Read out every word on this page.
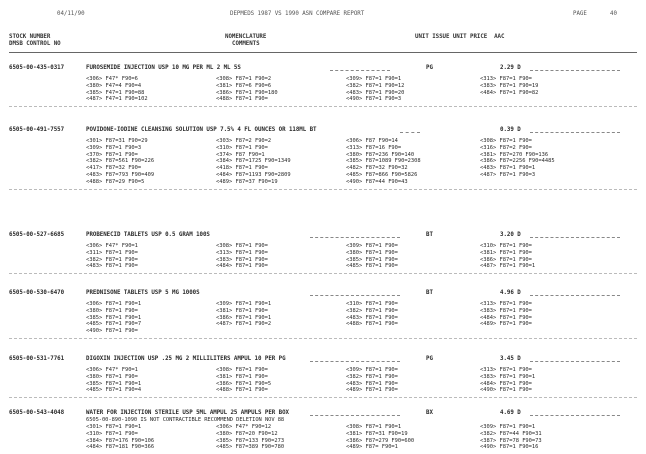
04/11/90	DEPMEDS 1987 VS 1990 ASN COMPARE REPORT	PAGE	40
STOCK NUMBER
DMSB CONTROL NO
NOMENCLATURE
COMMENTS
UNIT ISSUE UNIT PRICE  AAC
6505-00-435-0317	FUROSEMIDE INJECTION USP 10 MG PER ML 2 ML 5S	PG	2.29 D
<306> F47* F90=6	<308> F87=1 F90=2	<309> F87=1 F90=1	<313> F87=1 F90=
<380> F47=4 F90=4	<381> F87=6 F90=6	<382> F87=1 F90=12	<383> F87=1 F90=19
<385> F47=1 F90=88	<386> F87=1 F90=180	<483> F87=1 F90=20	<484> F87=1 F90=82
<487> F47=1 F90=102	<488> F87=1 F90=	<490> F87=1 F90=3
6505-00-491-7557	POVIDONE-IODINE CLEANSING SOLUTION USP 7.5% 4 FL OUNCES OR 118ML BT	0.39 D
<301> F87=31 F90=29	<303> F87=2 F90=2	<306> F87 F90=14	<308> F87=1 F90=
<309> F87=1 F90=3	<310> F87=1 F90=	<313> F87=16 F90=	<316> F87=2 F90=
<370> F87=1 F90=	<374> F87 F90=1	<380> F87=236 F90=140	<381> F87=270 F90=136
<382> F87=561 F90=226	<384> F87=1725 F90=1349	<385> F87=1089 F90=2308	<386> F87=2256 F90=4485
<417> F87=32 F90=	<418> F87=1 F90=	<482> F87=32 F90=32	<483> F87=1 F90=1
<483> F87=793 F90=409	<484> F87=1193 F90=2809	<485> F87=866 F90=5826	<487> F87=1 F90=3
<488> F87=29 F90=5	<489> F87=37 F90=19	<490> F87=44 F90=43
6505-00-527-6685	PROBENECID TABLETS USP 0.5 GRAM 100S	BT	3.20 D
<306> F47* F90=1	<308> F87=1 F90=	<309> F87=1 F90=	<310> F87=1 F90=
<311> F87=1 F90=	<313> F87=1 F90=	<380> F87=1 F90=	<381> F87=1 F90=
<382> F87=1 F90=	<383> F87=1 F90=	<385> F87=1 F90=	<386> F87=1 F90=
<483> F87=1 F90=	<484> F87=1 F90=	<485> F87=1 F90=	<487> F87=1 F90=1
6505-00-530-6470	PREDNISONE TABLETS USP 5 MG 1000S	BT	4.96 D
<306> F87=1 F90=1	<309> F87=1 F90=1	<310> F87=1 F90=	<313> F87=1 F90=
<380> F87=1 F90=	<381> F87=1 F90=	<382> F87=1 F90=	<383> F87=1 F90=
<385> F87=1 F90=1	<386> F87=1 F90=1	<483> F87=1 F90=	<484> F87=1 F90=
<485> F87=1 F90=7	<487> F87=1 F90=2	<488> F87=1 F90=	<489> F87=1 F90=
<490> F87=1 F90=
6505-00-531-7761	DIGOXIN INJECTION USP .25 MG 2 MILLILITERS AMPUL 10 PER PG	PG	3.45 D
<306> F47* F90=1	<308> F87=1 F90=	<309> F87=1 F90=	<313> F87=1 F90=
<380> F87=1 F90=	<381> F87=1 F90=	<382> F87=1 F90=	<383> F87=1 F90=1
<385> F87=1 F90=1	<386> F87=1 F90=5	<483> F87=1 F90=	<484> F87=1 F90=
<485> F87=1 F90=4	<488> F87=1 F90=	<489> F87=1 F90=	<490> F87=1 F90=
6505-00-543-4048	WATER FOR INJECTION STERILE USP 5ML AMPUL 25 AMPULS PER BOX	BX	4.69 D
6505-00-890-1090 IS NOT CONTRACTIBLE RECOMMEND DELETION NOV 88
<301> F87=1 F90=1	<306> F47* F90=12	<308> F87=1 F90=1	<309> F87=1 F90=1
<310> F87=1 F90=	<380> F87=20 F90=12	<381> F87=31 F90=19	<382> F87=44 F90=31
<384> F87=176 F90=106	<385> F87=133 F90=273	<386> F87=279 F90=600	<387> F87=78 F90=73
<484> F87=181 F90=366	<485> F87=389 F90=780	<489> F87= F90=1	<490> F87=1 F90=16
